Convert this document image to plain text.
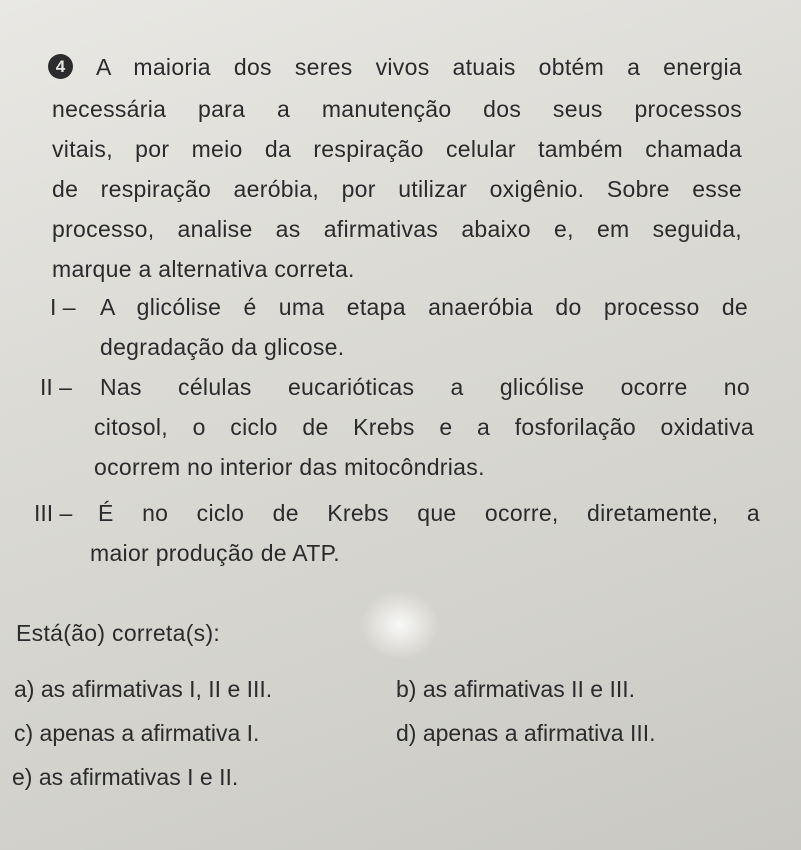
4	A maioria dos seres vivos atuais obtém a energia
necessária para a manutenção dos seus processos
vitais, por meio da respiração celular também chamada
de respiração aeróbia, por utilizar oxigênio. Sobre esse
processo, analise as afirmativas abaixo e, em seguida,
marque a alternativa correta.
I – A glicólise é uma etapa anaeróbia do processo de
degradação da glicose.
II – Nas células eucarióticas a glicólise ocorre no
citosol, o ciclo de Krebs e a fosforilação oxidativa
ocorrem no interior das mitocôndrias.
III – É no ciclo de Krebs que ocorre, diretamente, a
maior produção de ATP.
Está(ão) correta(s):
a) as afirmativas I, II e III.	b) as afirmativas II e III.
c) apenas a afirmativa I.	d) apenas a afirmativa III.
e) as afirmativas I e II.
